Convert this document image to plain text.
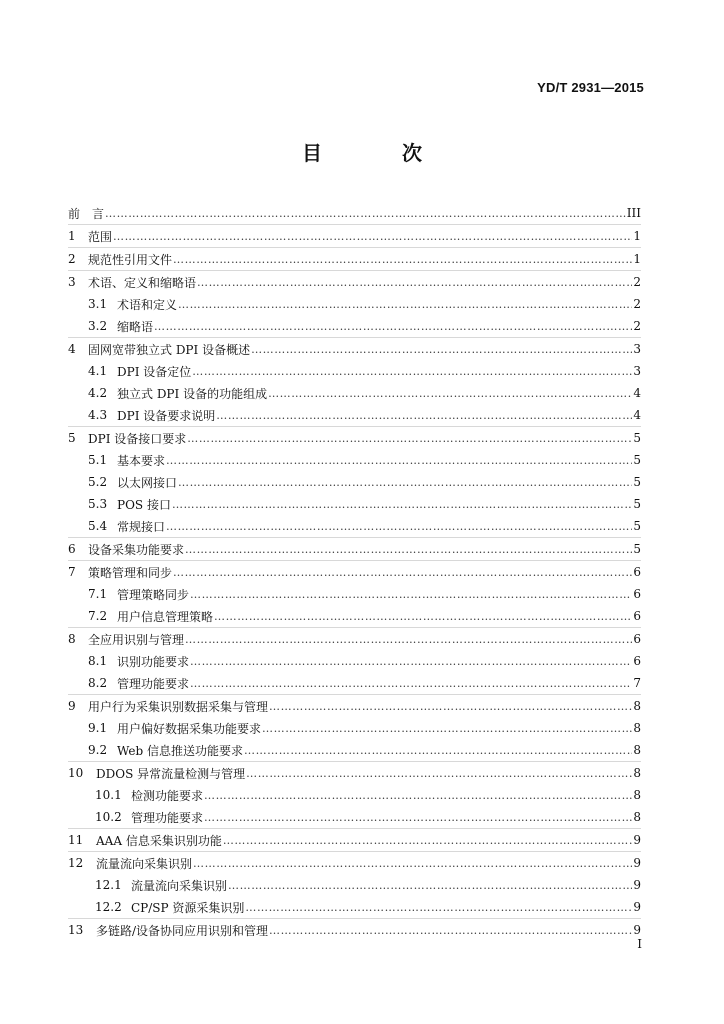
YD/T 2931—2015
目　次
前　言 …………………………………………………………………………………………………………………………………………………………………………………………………………	III
1	范围 …………………………………………………………………………………………………………………………………………………………………………………………………………	1
2	规范性引用文件 …………………………………………………………………………………………………………………………………………………………………………………………………………	1
3	术语、定义和缩略语 …………………………………………………………………………………………………………………………………………………………………………………………………………	2
3.1 术语和定义 …………………………………………………………………………………………………………………………………………………………………………………………………………	2
3.2 缩略语 …………………………………………………………………………………………………………………………………………………………………………………………………………	2
4	固网宽带独立式 DPI 设备概述 …………………………………………………………………………………………………………………………………………………………………………………………………………	3
4.1 DPI 设备定位 …………………………………………………………………………………………………………………………………………………………………………………………………………	3
4.2 独立式 DPI 设备的功能组成 …………………………………………………………………………………………………………………………………………………………………………………………………………	4
4.3 DPI 设备要求说明 …………………………………………………………………………………………………………………………………………………………………………………………………………	4
5	DPI 设备接口要求 …………………………………………………………………………………………………………………………………………………………………………………………………………	5
5.1 基本要求 …………………………………………………………………………………………………………………………………………………………………………………………………………	5
5.2 以太网接口 …………………………………………………………………………………………………………………………………………………………………………………………………………	5
5.3 POS 接口 …………………………………………………………………………………………………………………………………………………………………………………………………………	5
5.4 常规接口 …………………………………………………………………………………………………………………………………………………………………………………………………………	5
6	设备采集功能要求 …………………………………………………………………………………………………………………………………………………………………………………………………………	5
7	策略管理和同步 …………………………………………………………………………………………………………………………………………………………………………………………………………	6
7.1 管理策略同步 …………………………………………………………………………………………………………………………………………………………………………………………………………	6
7.2 用户信息管理策略 …………………………………………………………………………………………………………………………………………………………………………………………………………	6
8	全应用识别与管理 …………………………………………………………………………………………………………………………………………………………………………………………………………	6
8.1 识别功能要求 …………………………………………………………………………………………………………………………………………………………………………………………………………	6
8.2 管理功能要求 …………………………………………………………………………………………………………………………………………………………………………………………………………	7
9	用户行为采集识别数据采集与管理 …………………………………………………………………………………………………………………………………………………………………………………………………………	8
9.1 用户偏好数据采集功能要求 …………………………………………………………………………………………………………………………………………………………………………………………………………	8
9.2 Web 信息推送功能要求 …………………………………………………………………………………………………………………………………………………………………………………………………………	8
10	DDOS 异常流量检测与管理 …………………………………………………………………………………………………………………………………………………………………………………………………………	8
10.1 检测功能要求 …………………………………………………………………………………………………………………………………………………………………………………………………………	8
10.2 管理功能要求 …………………………………………………………………………………………………………………………………………………………………………………………………………	8
11	AAA 信息采集识别功能 …………………………………………………………………………………………………………………………………………………………………………………………………………	9
12	流量流向采集识别 …………………………………………………………………………………………………………………………………………………………………………………………………………	9
12.1 流量流向采集识别 …………………………………………………………………………………………………………………………………………………………………………………………………………	9
12.2 CP/SP 资源采集识别 …………………………………………………………………………………………………………………………………………………………………………………………………………	9
13	多链路/设备协同应用识别和管理 …………………………………………………………………………………………………………………………………………………………………………………………………………	9
I
